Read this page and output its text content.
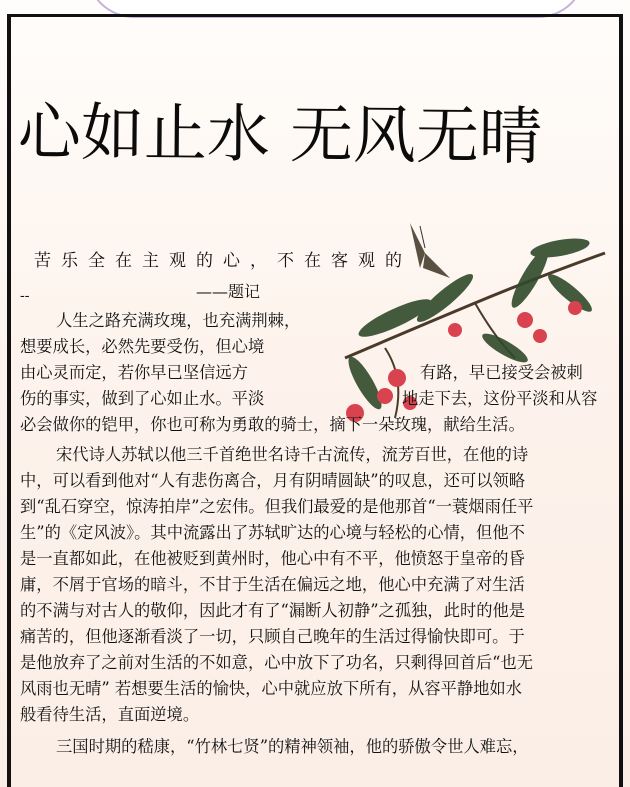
心如止水 无风无晴
苦乐全在主观的心，不在客观的
--	——题记
人生之路充满玫瑰，也充满荆棘，
想要成长，必然先要受伤，但心境
由心灵而定，若你早已坚信远方	有路，早已接受会被刺
伤的事实，做到了心如止水。平淡	地走下去，这份平淡和从容
必会做你的铠甲，你也可称为勇敢的骑士，摘下一朵玫瑰，献给生活。
宋代诗人苏轼以他三千首绝世名诗千古流传，流芳百世，在他的诗
中，可以看到他对“人有悲伤离合，月有阴晴圆缺”的叹息，还可以领略
到“乱石穿空，惊涛拍岸”之宏伟。但我们最爱的是他那首“一蓑烟雨任平
生”的《定风波》。其中流露出了苏轼旷达的心境与轻松的心情，但他不
是一直都如此，在他被贬到黄州时，他心中有不平，他愤怒于皇帝的昏
庸，不屑于官场的暗斗，不甘于生活在偏远之地，他心中充满了对生活
的不满与对古人的敬仰，因此才有了“漏断人初静”之孤独，此时的他是
痛苦的，但他逐渐看淡了一切，只顾自己晚年的生活过得愉快即可。于
是他放弃了之前对生活的不如意，心中放下了功名，只剩得回首后“也无
风雨也无晴” 若想要生活的愉快，心中就应放下所有，从容平静地如水
般看待生活，直面逆境。
三国时期的嵇康，“竹林七贤”的精神领袖，他的骄傲令世人难忘，
